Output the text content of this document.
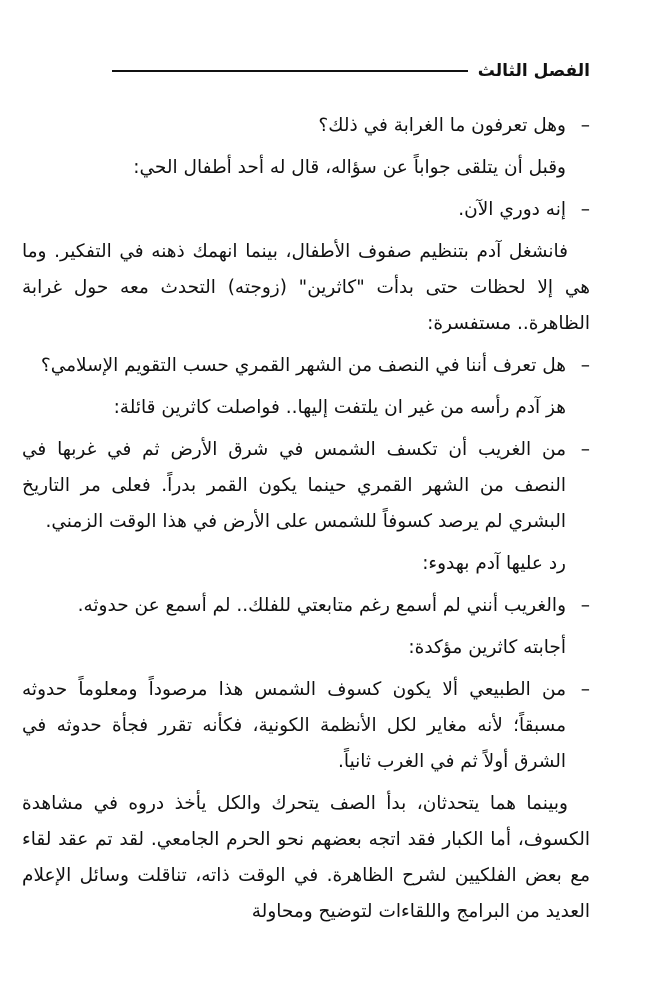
الفصل الثالث

–
وهل تعرفون ما الغرابة في ذلك؟

وقبل أن يتلقى جواباً عن سؤاله، قال له أحد أطفال الحي:

–
إنه دوري الآن.

فانشغل آدم بتنظيم صفوف الأطفال، بينما انهمك ذهنه في التفكير. وما هي إلا لحظات حتى بدأت "كاثرين" (زوجته) التحدث معه حول غرابة الظاهرة.. مستفسرة:

–
هل تعرف أننا في النصف من الشهر القمري حسب التقويم الإسلامي؟

هز آدم رأسه من غير ان يلتفت إليها.. فواصلت كاثرين قائلة:

–
من الغريب أن تكسف الشمس في شرق الأرض ثم في غربها في النصف من الشهر القمري حينما يكون القمر بدراً. فعلى مر التاريخ البشري لم يرصد كسوفاً للشمس على الأرض في هذا الوقت الزمني.

رد عليها آدم بهدوء:

–
والغريب أنني لم أسمع رغم متابعتي للفلك.. لم أسمع عن حدوثه.

أجابته كاثرين مؤكدة:

–
من الطبيعي ألا يكون كسوف الشمس هذا مرصوداً ومعلوماً حدوثه مسبقاً؛ لأنه مغاير لكل الأنظمة الكونية، فكأنه تقرر فجأة حدوثه في الشرق أولاً ثم في الغرب ثانياً.

وبينما هما يتحدثان، بدأ الصف يتحرك والكل يأخذ دروه في مشاهدة الكسوف، أما الكبار فقد اتجه بعضهم نحو الحرم الجامعي. لقد تم عقد لقاء مع بعض الفلكيين لشرح الظاهرة. في الوقت ذاته، تناقلت وسائل الإعلام العديد من البرامج واللقاءات لتوضيح ومحاولة
